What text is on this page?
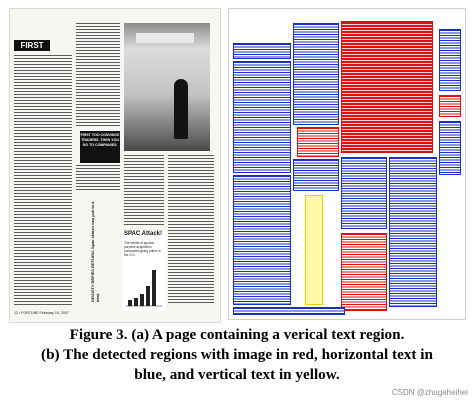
FIRST
FIRST YOU CONVINCE TRADERS. THEN YOU GO TO COMPANIES.
GRAVITY DEFIES RETURN. Spac stakes can pull in a deal.
SPAC Attack!
The rebirth of special-purpose acquisition companies going public in the U.S.
12 • FORTUNE February 19, 2007
Figure 3. (a) A page containing a verical text region.
(b) The detected regions with image in red, horizontal text in
blue, and vertical text in yellow.
CSDN @zhugeheihei
